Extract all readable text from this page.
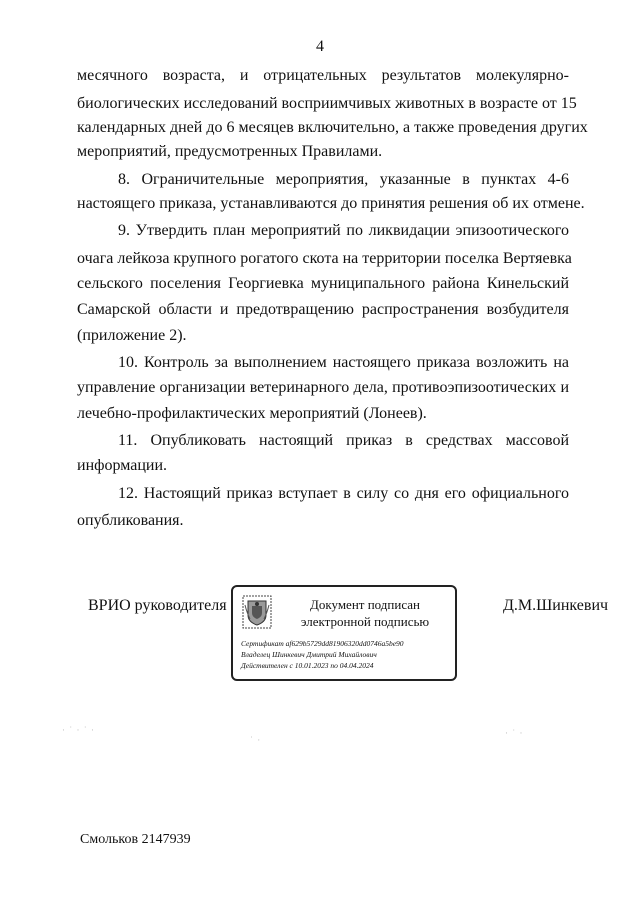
4
месячного возраста, и отрицательных результатов молекулярно-
биологических исследований восприимчивых животных в возрасте от 15
календарных дней до 6 месяцев включительно, а также проведения других
мероприятий, предусмотренных Правилами.
8. Ограничительные мероприятия, указанные в пунктах 4-6
настоящего приказа, устанавливаются до принятия решения об их отмене.
9. Утвердить план мероприятий по ликвидации эпизоотического
очага лейкоза крупного рогатого скота на территории поселка Вертяевка
сельского поселения Георгиевка муниципального района Кинельский
Самарской области и предотвращению распространения возбудителя
(приложение 2).
10. Контроль за выполнением настоящего приказа возложить на
управление организации ветеринарного дела, противоэпизоотических и
лечебно-профилактических мероприятий (Лонеев).
11. Опубликовать настоящий приказ в средствах массовой
информации.
12. Настоящий приказ вступает в силу со дня его официального
опубликования.
ВРИО руководителя	Документ подписан
электронной подписью
Сертификат af629b5729dd81906320dd0746a5be90
Владелец Шинкевич Дмитрий Михайлович
Действителен с 10.01.2023 по 04.04.2024
Д.М.Шинкевич
· ˙ · ˙ ·
˙ ·
· ˙ ·
Смольков 2147939
